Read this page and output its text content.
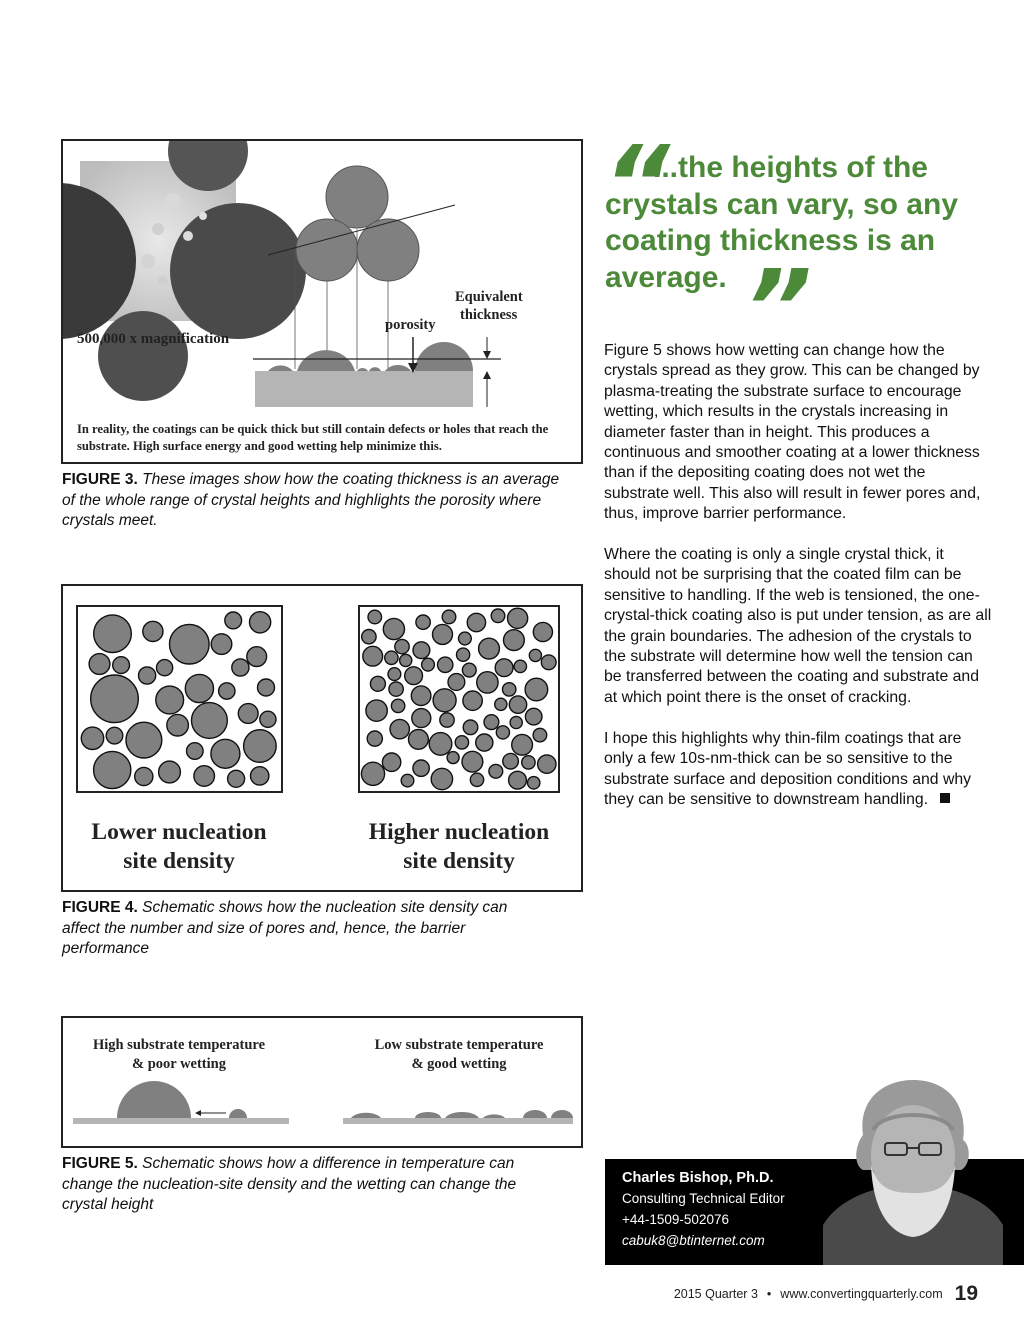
500,000 x magnification
porosity
Equivalent
thickness
In reality, the coatings can be quick thick but still contain defects or holes that reach the substrate. High surface energy and good wetting help minimize this.
FIGURE 3. These images show how the coating thickness is an average of the whole range of crystal heights and highlights the porosity where crystals meet.
Lower nucleation
site density
Higher nucleation
site density
FIGURE 4. Schematic shows how the nucleation site density can affect the number and size of pores and, hence, the barrier performance
High substrate temperature
& poor wetting
Low substrate temperature
& good wetting
FIGURE 5. Schematic shows how a difference in temperature can change the nucleation-site density and the wetting can change the crystal height
“
...the heights of the crystals can vary, so any coating thickness is an average. ”

Figure 5 shows how wetting can change how the crystals spread as they grow. This can be changed by plasma-treating the substrate surface to encourage wetting, which results in the crystals increasing in diameter faster than in height. This produces a continuous and smoother coating at a lower thickness than if the depositing coating does not wet the substrate well. This also will result in fewer pores and, thus, improve barrier performance.

Where the coating is only a single crystal thick, it should not be surprising that the coated film can be sensitive to handling. If the web is tensioned, the one-crystal-thick coating also is put under tension, as are all the grain boundaries. The adhesion of the crystals to the substrate will determine how well the tension can be transferred between the coating and substrate and at which point there is the onset of cracking.

I hope this highlights why thin-film coatings that are only a few 10s-nm-thick can be so sensitive to the substrate surface and deposition conditions and why they can be sensitive to downstream handling.

Charles Bishop, Ph.D.
Consulting Technical Editor
+44-1509-502076
cabuk8@btinternet.com
2015 Quarter 3 • www.convertingquarterly.com 19
